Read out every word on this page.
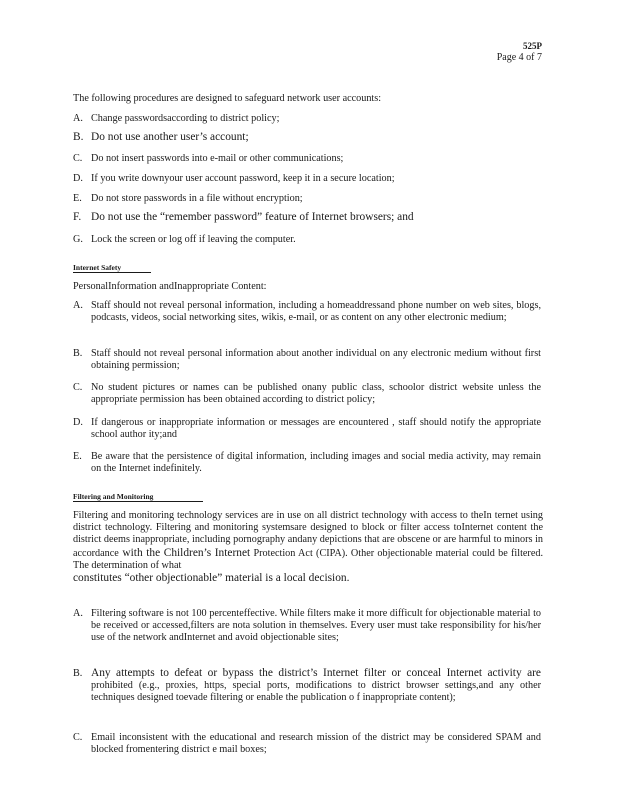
525P
Page 4 of 7
The following procedures are designed to safeguard network user accounts:
A. Change passwordsaccording to district policy;
B. Do not use another user’s account;
C. Do not insert passwords into e-mail or other communications;
D. If you write downyour user account password, keep it in a secure location;
E. Do not store passwords in a file without encryption;
F. Do not use the “remember password” feature of Internet browsers; and
G. Lock the screen or log off if leaving the computer.
Internet Safety
PersonalInformation andInappropriate Content:
A. Staff should not reveal personal information, including a homeaddressand phone number on web sites, blogs, podcasts, videos, social networking sites, wikis, e-mail, or as content on any other electronic medium;
B. Staff should not reveal personal information about another individual on any electronic medium without first obtaining permission;
C. No student pictures or names can be published onany public class, schoolor district website unless the appropriate permission has been obtained according to district policy;
D. If dangerous or inappropriate information or messages are encountered , staff should notify the appropriate school author ity;and
E. Be aware that the persistence of digital information, including images and social media activity, may remain on the Internet indefinitely.
Filtering and Monitoring
Filtering and monitoring technology services are in use on all district technology with access to theIn ternet using district technology. Filtering and monitoring systemsare designed to block or filter access toInternet content the district deems inappropriate, including pornography andany depictions that are obscene or are harmful to minors in accordance with the Children’s Internet Protection Act (CIPA). Other objectionable material could be filtered. The determination of what
constitutes “other objectionable” material is a local decision.
A. Filtering software is not 100 percenteffective. While filters make it more difficult for objectionable material to be received or accessed,filters are nota solution in themselves. Every user must take responsibility for his/her use of the network andInternet and avoid objectionable sites;
B. Any attempts to defeat or bypass the district’s Internet filter or conceal Internet activity are prohibited (e.g., proxies, https, special ports, modifications to district browser settings,and any other techniques designed toevade filtering or enable the publication o f inappropriate content);
C. Email inconsistent with the educational and research mission of the district may be considered SPAM and blocked fromentering district e mail boxes;
